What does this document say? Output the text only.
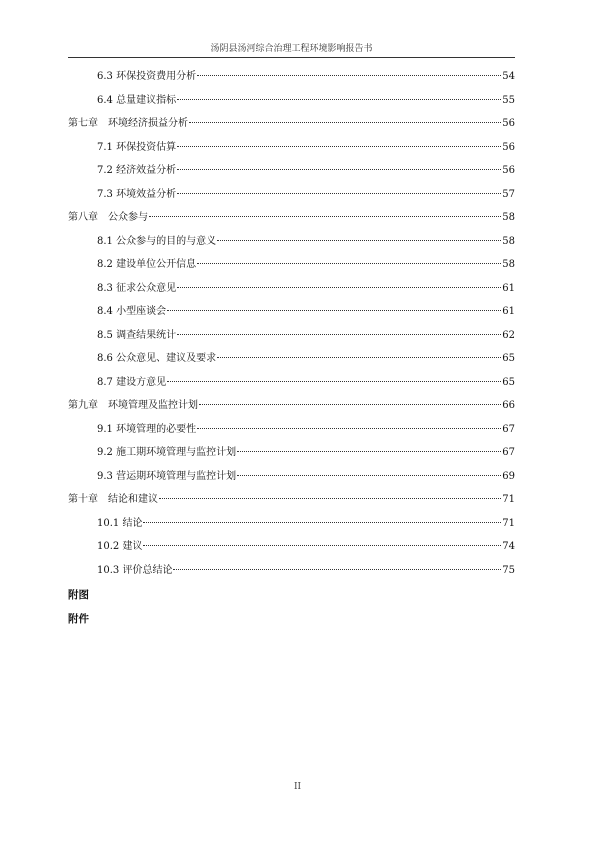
汤阴县汤河综合治理工程环境影响报告书
附图
附件
6.3 环保投资费用分析	54
6.4 总量建议指标	55
第七章　环境经济损益分析	56
7.1 环保投资估算	56
7.2 经济效益分析	56
7.3 环境效益分析	57
第八章　公众参与	58
8.1 公众参与的目的与意义	58
8.2 建设单位公开信息	58
8.3 征求公众意见	61
8.4 小型座谈会	61
8.5 调查结果统计	62
8.6 公众意见、建议及要求	65
8.7 建设方意见	65
第九章　环境管理及监控计划	66
9.1 环境管理的必要性	67
9.2 施工期环境管理与监控计划	67
9.3 营运期环境管理与监控计划	69
第十章　结论和建议	71
10.1 结论	71
10.2 建议	74
10.3 评价总结论	75
II
